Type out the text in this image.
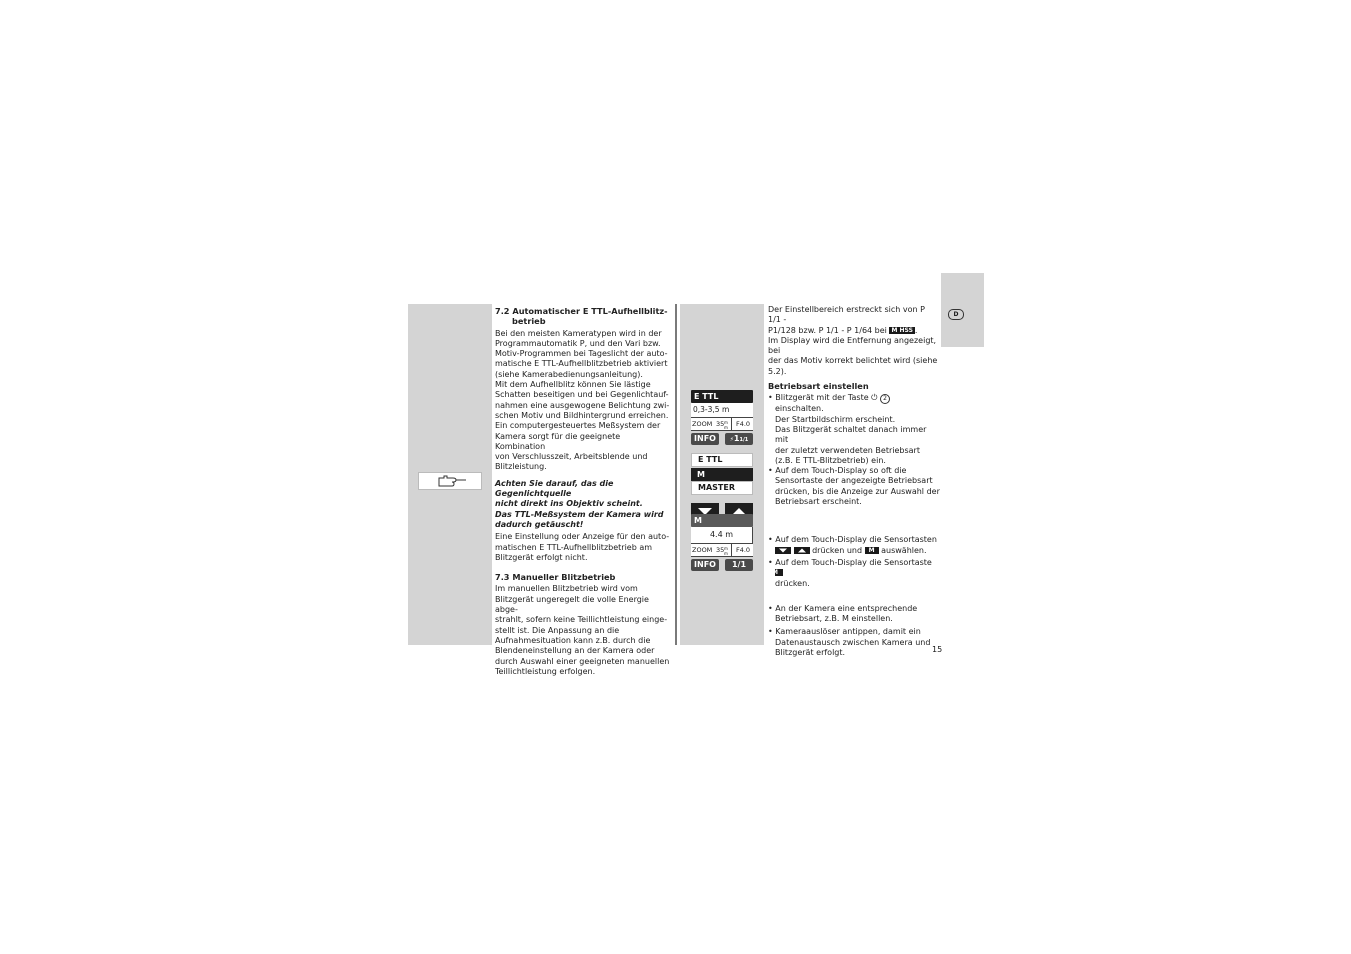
7.2 Automatischer E TTL-Aufhellblitz-

betrieb

Bei den meisten Kameratypen wird in der

Programmautomatik P, und den Vari bzw.

Motiv-Programmen bei Tageslicht der auto-

matische E TTL-Aufhellblitzbetrieb aktiviert

(siehe Kamerabedienungsanleitung).

Mit dem Aufhellblitz können Sie lästige

Schatten beseitigen und bei Gegenlichtauf-

nahmen eine ausgewogene Belichtung zwi-

schen Motiv und Bildhintergrund erreichen.

Ein computergesteuertes Meßsystem der

Kamera sorgt für die geeignete Kombination

von Verschlusszeit, Arbeitsblende und

Blitzleistung.

Achten Sie darauf, das die Gegenlichtquelle

nicht direkt ins Objektiv scheint.

Das TTL-Meßsystem der Kamera wird

dadurch getäuscht!

Eine Einstellung oder Anzeige für den auto-

matischen E TTL-Aufhellblitzbetrieb am

Blitzgerät erfolgt nicht.

7.3 Manueller Blitzbetrieb

Im manuellen Blitzbetrieb wird vom

Blitzgerät ungeregelt die volle Energie abge-

strahlt, sofern keine Teillichtleistung einge-

stellt ist. Die Anpassung an die

Aufnahmesituation kann z.B. durch die

Blendeneinstellung an der Kamera oder

durch Auswahl einer geeigneten manuellen

Teillichtleistung erfolgen.

E TTL
0,3-3,5 m
ZOOM 35 mm	F4.0
INFO	⚡11/1
E TTL
M
MASTER
M
4.4 m
ZOOM 35 mm	F4.0
INFO	1/1

Der Einstellbereich erstreckt sich von P 1/1 -

P1/128 bzw. P 1/1 - P 1/64 bei M HSS .

Im Display wird die Entfernung angezeigt, bei

der das Motiv korrekt belichtet wird (siehe

5.2).

Betriebsart einstellen

• Blitzgerät mit der Taste ⏻ 2 einschalten.

Der Startbildschirm erscheint.

Das Blitzgerät schaltet danach immer mit

der zuletzt verwendeten Betriebsart

(z.B. E TTL-Blitzbetrieb) ein.

• Auf dem Touch-Display so oft die

Sensortaste der angezeigte Betriebsart

drücken, bis die Anzeige zur Auswahl der

Betriebsart erscheint.

• Auf dem Touch-Display die Sensortasten

drücken und M auswählen.

• Auf dem Touch-Display die Sensortaste M

drücken.

• An der Kamera eine entsprechende

Betriebsart, z.B. M einstellen.

• Kameraauslöser antippen, damit ein

Datenaustausch zwischen Kamera und

Blitzgerät erfolgt.

D
15
